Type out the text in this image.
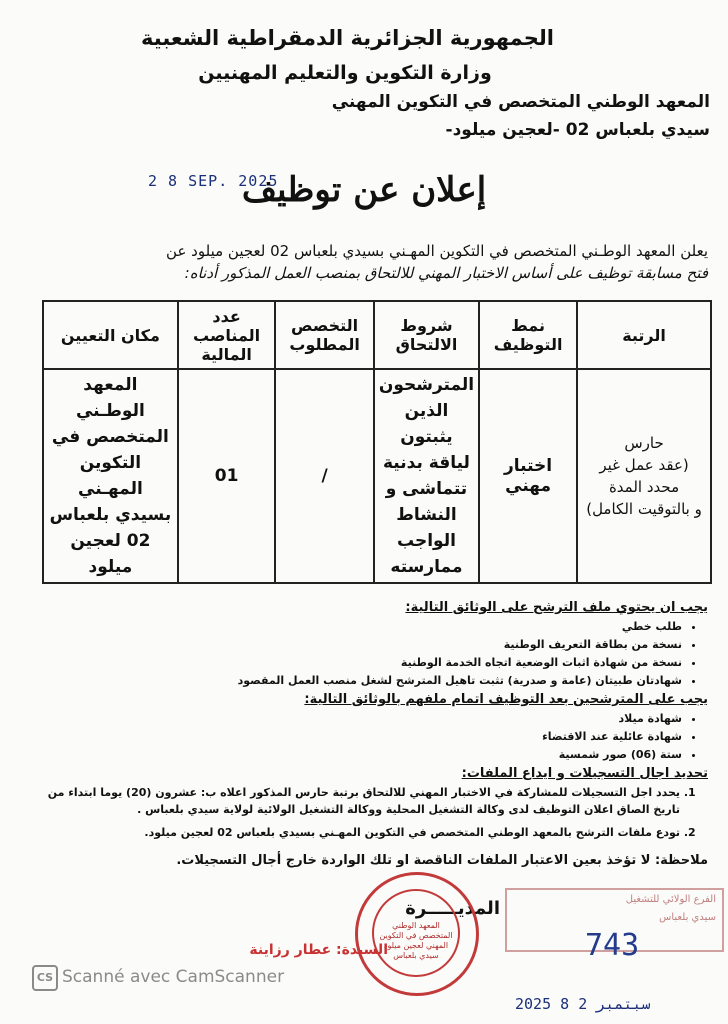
الجمهورية الجزائرية الدمقراطية الشعبية
وزارة التكوين والتعليم المهنيين
المعهد الوطني المتخصص في التكوين المهني
سيدي بلعباس 02 -لعجين ميلود-
2 8 SEP. 2025
إعلان عن توظيف
يعلن المعهد الوطـني المتخصص في التكوين المهـني بسيدي بلعباس 02 لعجين ميلود عن
فتح مسابقة توظيف على أساس الاختبار المهني للالتحاق بمنصب العمل المذكور أدناه:
الرتبة	نمط التوظيف	شروط الالتحاق	التخصص المطلوب	عدد المناصب المالية	مكان التعيين

حارس
(عقد عمل غير
محدد المدة
و بالتوقيت الكامل)	اختبار مهني	المترشحون الذين يثبتون لياقة بدنية تتماشى و النشاط الواجب ممارسته	/	01	المعهد الوطـني المتخصص في التكوين المهـني بسيدي بلعباس 02 لعجين ميلود
يجب ان يحتوي ملف الترشح على الوثائق التالية:
• طلب خطي
• نسخة من بطاقة التعريف الوطنية
• نسخة من شهادة اثبات الوضعية اتجاه الخدمة الوطنية
• شهادتان طبيتان (عامة و صدرية) تثبت تاهيل المترشح لشغل منصب العمل المقصود
يجب على المترشحين بعد التوظيف اتمام ملفهم بالوثائق التالية:
• شهادة ميلاد
• شهادة عائلية عند الاقتضاء
• ستة (06) صور شمسية
تحديد اجال التسجيلات و ايداع الملفات:
1. يحدد اجل التسجيلات للمشاركة في الاختبار المهني للالتحاق برتبة حارس المذكور اعلاه ب: عشرون (20) يوما ابتداء من تاريخ الصاق اعلان التوظيف لدى وكالة التشغيل المحلية ووكالة التشغيل الولائية لولاية سيدي بلعباس .
2. تودع ملفات الترشح بالمعهد الوطني المتخصص في التكوين المهـني بسيدي بلعباس 02 لعجين ميلود.
ملاحظة: لا تؤخذ بعين الاعتبار الملفات الناقصة او تلك الواردة خارج أجال التسجيلات.
المديـــــرة	الفرع الولائي للتشغيل
سيدي بلعباس
743
المعهد الوطني المتخصص في التكوين المهني لعجين ميلود سيدي بلعباس
السيدة: عطار رزاينة
2025 سبتمبر 2 8
CS Scanné avec CamScanner
